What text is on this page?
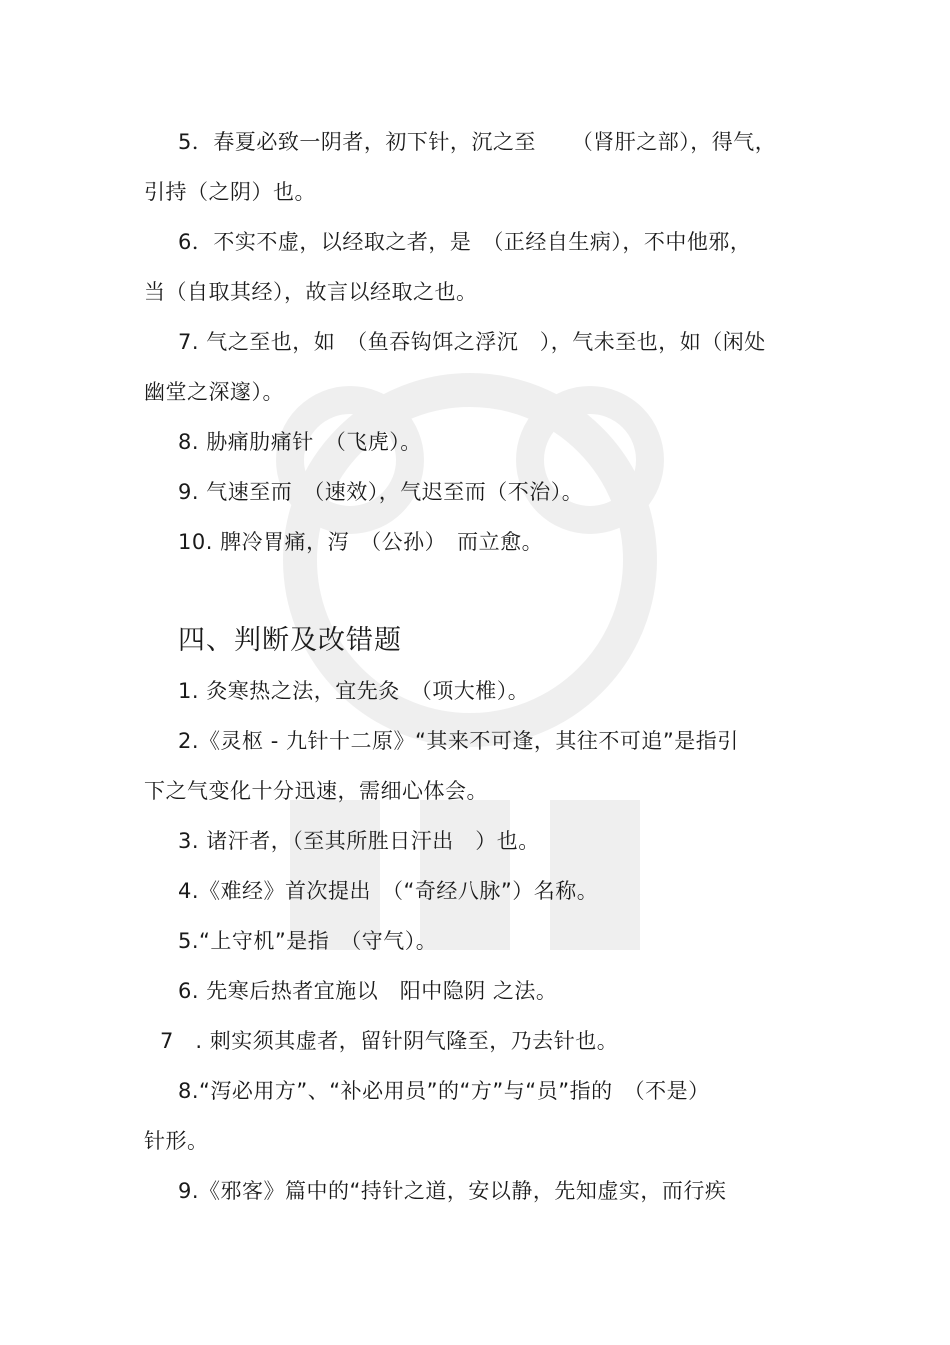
5．春夏必致一阴者，初下针，沉之至　  （肾肝之部），得气，
引持（之阴）也。
6．不实不虚，以经取之者，是　（正经自生病），不中他邪，
当（自取其经），故言以经取之也。
7. 气之至也，如　（鱼吞钩饵之浮沉　），气未至也，如（闲处
幽堂之深邃）。
8. 胁痛肋痛针　（飞虎）。
9. 气速至而　（速效），气迟至而（不治）。
10. 脾冷胃痛，泻　（公孙）　而立愈。
四、判断及改错题
1. 灸寒热之法，宜先灸　（项大椎）。
2.《灵枢 - 九针十二原》“其来不可逢，其往不可追”是指引
下之气变化十分迅速，需细心体会。
3. 诸汗者，（至其所胜日汗出　）也。
4.《难经》首次提出　（“奇经八脉”）名称。
5.“上守机”是指　（守气）。
6. 先寒后热者宜施以　阳中隐阴 之法。
7　. 刺实须其虚者，留针阴气隆至，乃去针也。
8.“泻必用方”、“补必用员”的“方”与“员”指的　（不是）
针形。
9.《邪客》篇中的“持针之道，安以静，先知虚实，而行疾
